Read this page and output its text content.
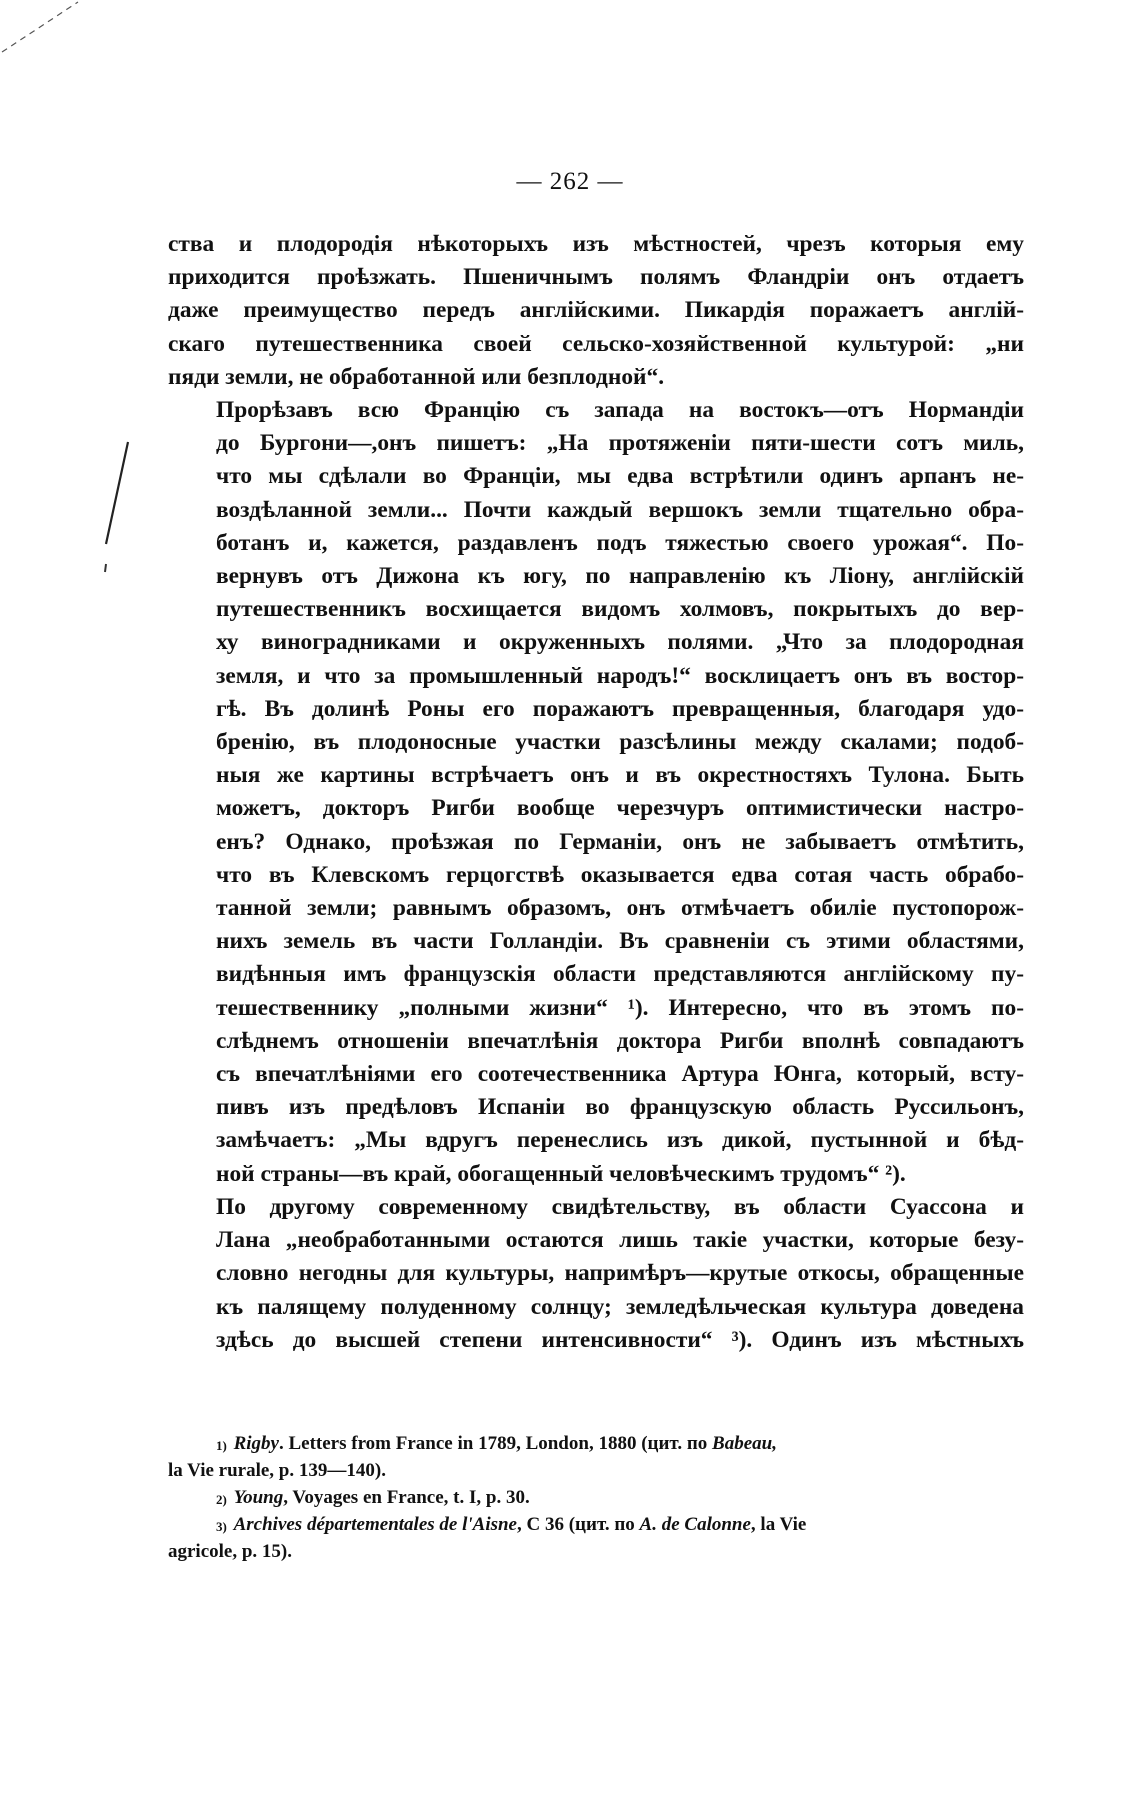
— 262 —

ства и плодородія нѣкоторыхъ изъ мѣстностей, чрезъ которыя ему
приходится проѣзжать. Пшеничнымъ полямъ Фландріи онъ отдаетъ
даже преимущество передъ англійскими. Пикардія поражаетъ англій-
скаго путешественника своей сельско-хозяйственной культурой: „ни
пяди земли, не обработанной или безплодной“.

Прорѣзавъ всю Францію съ запада на востокъ—отъ Нормандіи
до Бургони—,онъ пишетъ: „На протяженіи пяти-шести сотъ миль,
что мы сдѣлали во Франціи, мы едва встрѣтили одинъ арпанъ не-
воздѣланной земли... Почти каждый вершокъ земли тщательно обра-
ботанъ и, кажется, раздавленъ подъ тяжестью своего урожая“. По-
вернувъ отъ Дижона къ югу, по направленію къ Ліону, англійскій
путешественникъ восхищается видомъ холмовъ, покрытыхъ до вер-
ху виноградниками и окруженныхъ полями. „Что за плодородная
земля, и что за промышленный народъ!“ восклицаетъ онъ въ востор-
гѣ. Въ долинѣ Роны его поражаютъ превращенныя, благодаря удо-
бренію, въ плодоносные участки разсѣлины между скалами; подоб-
ныя же картины встрѣчаетъ онъ и въ окрестностяхъ Тулона. Быть
можетъ, докторъ Ригби вообще черезчуръ оптимистически настро-
енъ? Однако, проѣзжая по Германіи, онъ не забываетъ отмѣтить,
что въ Клевскомъ герцогствѣ оказывается едва сотая часть обрабо-
танной земли; равнымъ образомъ, онъ отмѣчаетъ обиліе пустопорож-
нихъ земель въ части Голландіи. Въ сравненіи съ этими областями,
видѣнныя имъ французскія области представляются англійскому пу-
тешественнику „полными жизни“ ¹). Интересно, что въ этомъ по-
слѣднемъ отношеніи впечатлѣнія доктора Ригби вполнѣ совпадаютъ
съ впечатлѣніями его соотечественника Артура Юнга, который, всту-
пивъ изъ предѣловъ Испаніи во французскую область Руссильонъ,
замѣчаетъ: „Мы вдругъ перенеслись изъ дикой, пустынной и бѣд-
ной страны—въ край, обогащенный человѣческимъ трудомъ“ ²).

По другому современному свидѣтельству, въ области Суассона и
Лана „необработанными остаются лишь такіе участки, которые безу-
словно негодны для культуры, напримѣръ—крутые откосы, обращенные
къ палящему полуденному солнцу; земледѣльческая культура доведена
здѣсь до высшей степени интенсивности“ ³). Одинъ изъ мѣстныхъ

$^{1)}$ Rigby. Letters from France in 1789, London, 1880 (цит. по Babeau,
la Vie rurale, p. 139—140).

$^{2)}$ Young, Voyages en France, t. I, p. 30.

$^{3)}$ Archives départementales de l'Aisne, C 36 (цит. по A. de Calonne, la Vie
agricole, p. 15).
